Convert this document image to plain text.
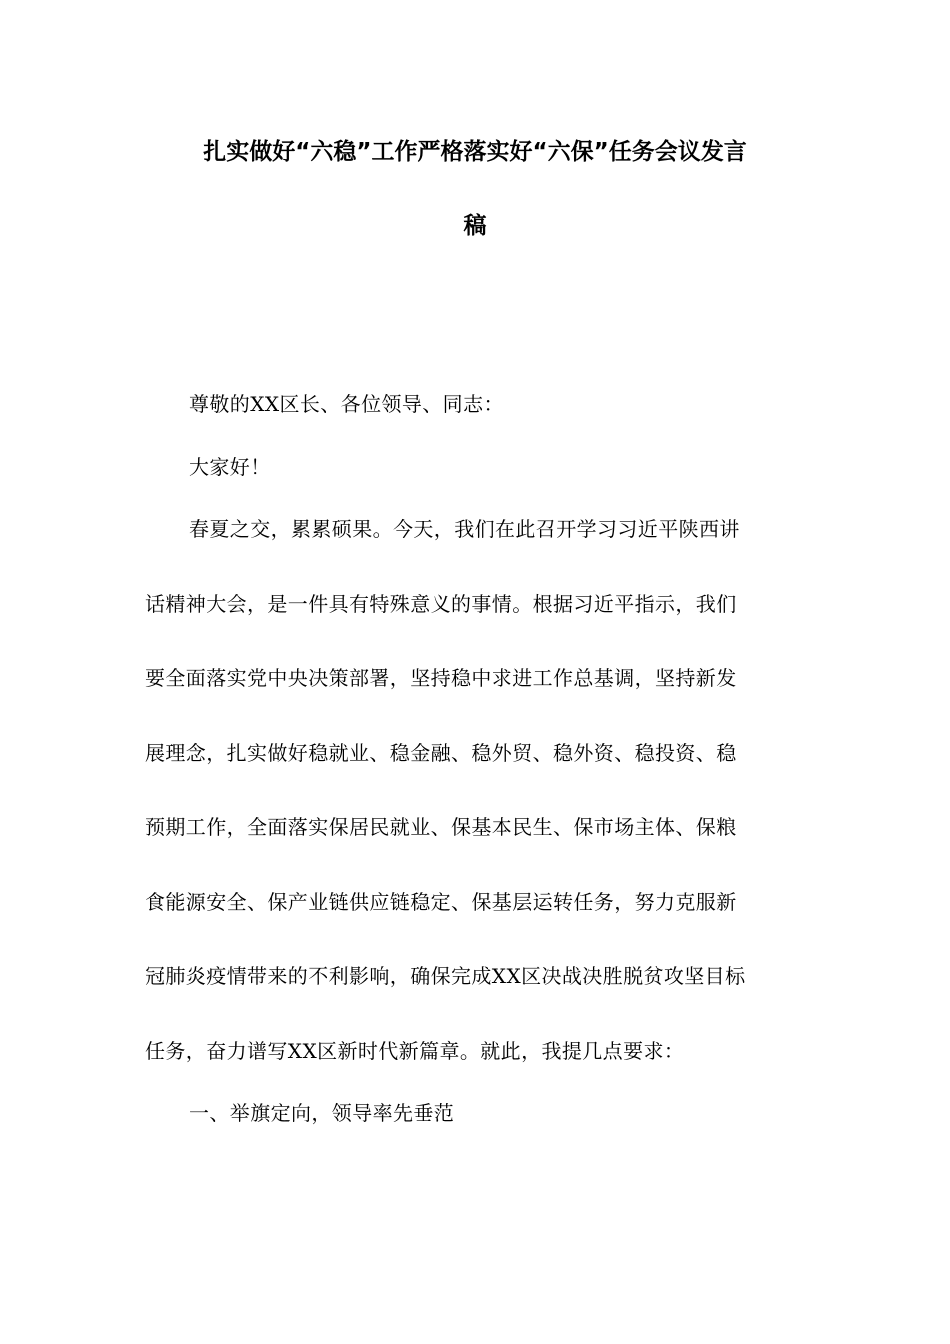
扎实做好“六稳”工作严格落实好“六保”任务会议发言
稿
尊敬的XX区长、各位领导、同志：
大家好！
春夏之交，累累硕果。今天，我们在此召开学习习近平陕西讲
话精神大会，是一件具有特殊意义的事情。根据习近平指示，我们
要全面落实党中央决策部署，坚持稳中求进工作总基调，坚持新发
展理念，扎实做好稳就业、稳金融、稳外贸、稳外资、稳投资、稳
预期工作，全面落实保居民就业、保基本民生、保市场主体、保粮
食能源安全、保产业链供应链稳定、保基层运转任务，努力克服新
冠肺炎疫情带来的不利影响，确保完成XX区决战决胜脱贫攻坚目标
任务，奋力谱写XX区新时代新篇章。就此，我提几点要求：
一、举旗定向，领导率先垂范
